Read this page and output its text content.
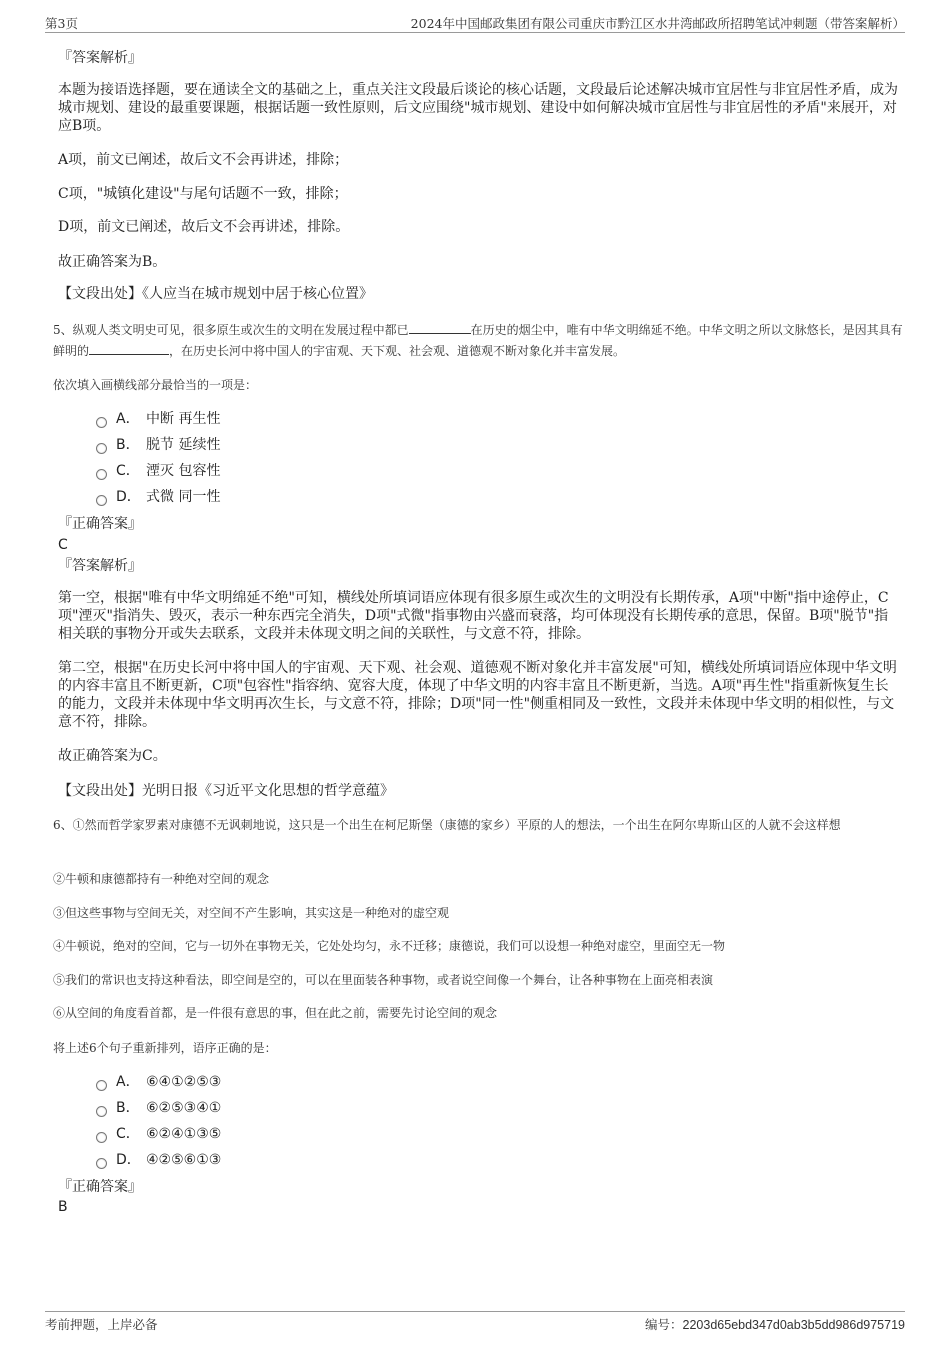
第3页	2024年中国邮政集团有限公司重庆市黔江区水井湾邮政所招聘笔试冲刺题（带答案解析）
『答案解析』

本题为接语选择题，要在通读全文的基础之上，重点关注文段最后谈论的核心话题，文段最后论述解决城市宜居性与非宜居性矛盾，成为城市规划、建设的最重要课题，根据话题一致性原则，后文应围绕"城市规划、建设中如何解决城市宜居性与非宜居性的矛盾"来展开，对应B项。

A项，前文已阐述，故后文不会再讲述，排除；

C项，"城镇化建设"与尾句话题不一致，排除；

D项，前文已阐述，故后文不会再讲述，排除。

故正确答案为B。

【文段出处】《人应当在城市规划中居于核心位置》

5、纵观人类文明史可见，很多原生或次生的文明在发展过程中都已	在历史的烟尘中，唯有中华文明绵延不绝。中华文明之所以文脉悠长，是因其具有鲜明的	，在历史长河中将中国人的宇宙观、天下观、社会观、道德观不断对象化并丰富发展。

依次填入画横线部分最恰当的一项是：

A． 中断 再生性
B． 脱节 延续性
C． 湮灭 包容性
D． 式微 同一性
『正确答案』
C
『答案解析』

第一空，根据"唯有中华文明绵延不绝"可知，横线处所填词语应体现有很多原生或次生的文明没有长期传承，A项"中断"指中途停止，C项"湮灭"指消失、毁灭，表示一种东西完全消失，D项"式微"指事物由兴盛而衰落，均可体现没有长期传承的意思，保留。B项"脱节"指相关联的事物分开或失去联系，文段并未体现文明之间的关联性，与文意不符，排除。

第二空，根据"在历史长河中将中国人的宇宙观、天下观、社会观、道德观不断对象化并丰富发展"可知，横线处所填词语应体现中华文明的内容丰富且不断更新，C项"包容性"指容纳、宽容大度，体现了中华文明的内容丰富且不断更新，当选。A项"再生性"指重新恢复生长的能力，文段并未体现中华文明再次生长，与文意不符，排除；D项"同一性"侧重相同及一致性，文段并未体现中华文明的相似性，与文意不符，排除。

故正确答案为C。

【文段出处】光明日报《习近平文化思想的哲学意蕴》

6、①然而哲学家罗素对康德不无讽刺地说，这只是一个出生在柯尼斯堡（康德的家乡）平原的人的想法，一个出生在阿尔卑斯山区的人就不会这样想

②牛顿和康德都持有一种绝对空间的观念

③但这些事物与空间无关，对空间不产生影响，其实这是一种绝对的虚空观

④牛顿说，绝对的空间，它与一切外在事物无关，它处处均匀，永不迁移；康德说，我们可以设想一种绝对虚空，里面空无一物

⑤我们的常识也支持这种看法，即空间是空的，可以在里面装各种事物，或者说空间像一个舞台，让各种事物在上面亮相表演

⑥从空间的角度看首都，是一件很有意思的事，但在此之前，需要先讨论空间的观念

将上述6个句子重新排列，语序正确的是：

A． ⑥④①②⑤③
B． ⑥②⑤③④①
C． ⑥②④①③⑤
D． ④②⑤⑥①③
『正确答案』
B
考前押题，上岸必备	编号：2203d65ebd347d0ab3b5dd986d975719
